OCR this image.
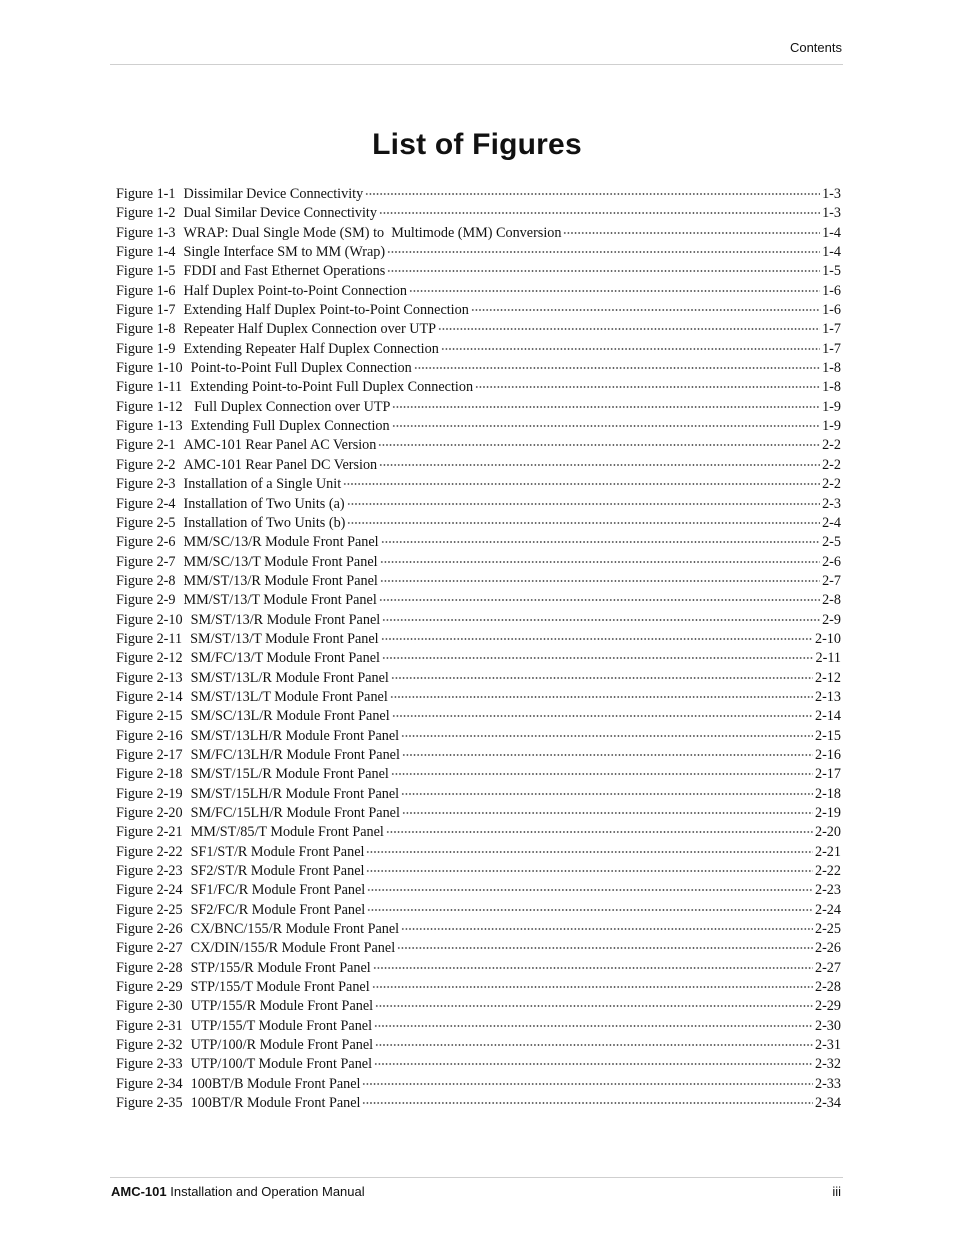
Contents
List of Figures
Figure 1-1 Dissimilar Device Connectivity	1-3
Figure 1-2 Dual Similar Device Connectivity	1-3
Figure 1-3 WRAP: Dual Single Mode (SM) to  Multimode (MM) Conversion	1-4
Figure 1-4 Single Interface SM to MM (Wrap)	1-4
Figure 1-5 FDDI and Fast Ethernet Operations	1-5
Figure 1-6 Half Duplex Point-to-Point Connection	1-6
Figure 1-7 Extending Half Duplex Point-to-Point Connection	1-6
Figure 1-8 Repeater Half Duplex Connection over UTP	1-7
Figure 1-9 Extending Repeater Half Duplex Connection	1-7
Figure 1-10 Point-to-Point Full Duplex Connection	1-8
Figure 1-11 Extending Point-to-Point Full Duplex Connection	1-8
Figure 1-12 Full Duplex Connection over UTP	1-9
Figure 1-13 Extending Full Duplex Connection	1-9
Figure 2-1 AMC-101 Rear Panel AC Version	2-2
Figure 2-2 AMC-101 Rear Panel DC Version	2-2
Figure 2-3 Installation of a Single Unit	2-2
Figure 2-4 Installation of Two Units (a)	2-3
Figure 2-5 Installation of Two Units (b)	2-4
Figure 2-6 MM/SC/13/R Module Front Panel	2-5
Figure 2-7 MM/SC/13/T Module Front Panel	2-6
Figure 2-8 MM/ST/13/R Module Front Panel	2-7
Figure 2-9 MM/ST/13/T Module Front Panel	2-8
Figure 2-10 SM/ST/13/R Module Front Panel	2-9
Figure 2-11 SM/ST/13/T Module Front Panel	2-10
Figure 2-12 SM/FC/13/T Module Front Panel	2-11
Figure 2-13 SM/ST/13L/R Module Front Panel	2-12
Figure 2-14 SM/ST/13L/T Module Front Panel	2-13
Figure 2-15 SM/SC/13L/R Module Front Panel	2-14
Figure 2-16 SM/ST/13LH/R Module Front Panel	2-15
Figure 2-17 SM/FC/13LH/R Module Front Panel	2-16
Figure 2-18 SM/ST/15L/R Module Front Panel	2-17
Figure 2-19 SM/ST/15LH/R Module Front Panel	2-18
Figure 2-20 SM/FC/15LH/R Module Front Panel	2-19
Figure 2-21 MM/ST/85/T Module Front Panel	2-20
Figure 2-22 SF1/ST/R Module Front Panel	2-21
Figure 2-23 SF2/ST/R Module Front Panel	2-22
Figure 2-24 SF1/FC/R Module Front Panel	2-23
Figure 2-25 SF2/FC/R Module Front Panel	2-24
Figure 2-26 CX/BNC/155/R Module Front Panel	2-25
Figure 2-27 CX/DIN/155/R Module Front Panel	2-26
Figure 2-28 STP/155/R Module Front Panel	2-27
Figure 2-29 STP/155/T Module Front Panel	2-28
Figure 2-30 UTP/155/R Module Front Panel	2-29
Figure 2-31 UTP/155/T Module Front Panel	2-30
Figure 2-32 UTP/100/R Module Front Panel	2-31
Figure 2-33 UTP/100/T Module Front Panel	2-32
Figure 2-34 100BT/B Module Front Panel	2-33
Figure 2-35 100BT/R Module Front Panel	2-34
AMC-101 Installation and Operation Manual	iii
